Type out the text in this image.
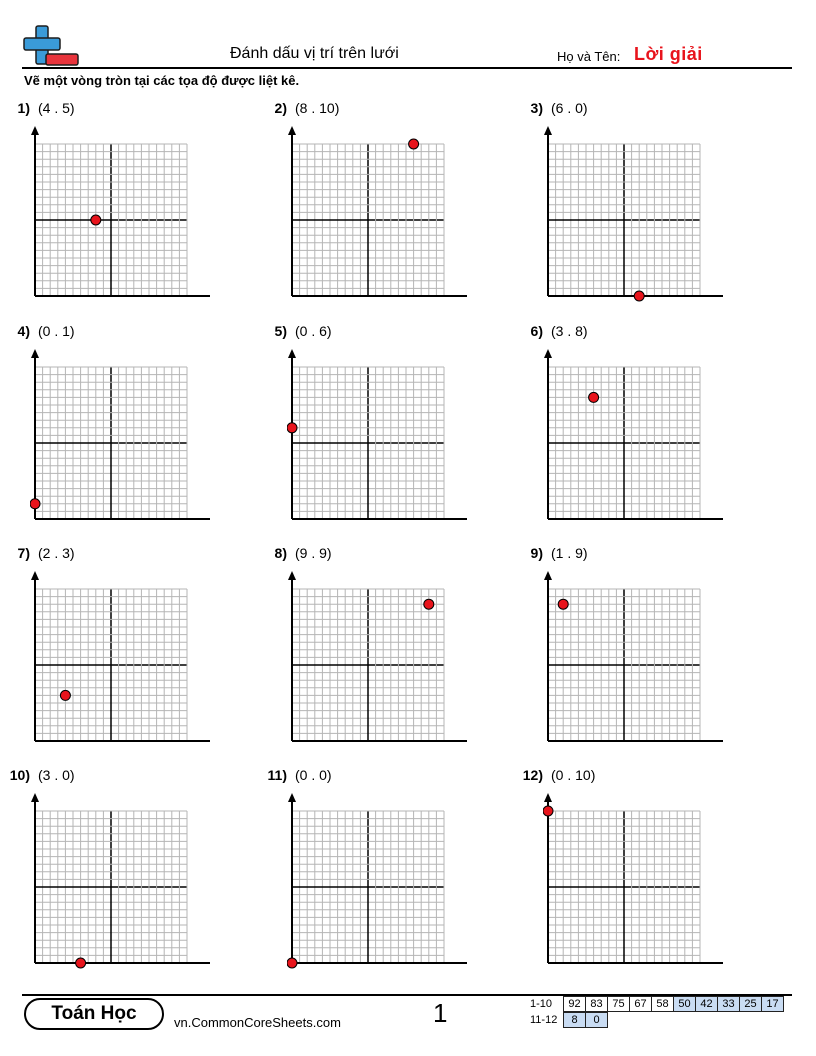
Đánh dấu vị trí trên lưới	Họ và Tên: Lời giải
Vẽ một vòng tròn tại các tọa độ được liệt kê.
1) (4 . 5)	2) (8 . 10)	3) (6 . 0)
4) (0 . 1)	5) (0 . 6)	6) (3 . 8)
7) (2 . 3)	8) (9 . 9)	9) (1 . 9)
10) (3 . 0)	11) (0 . 0)	12) (0 . 10)
Toán Học	vn.CommonCoreSheets.com	1	1-10	92 83 75 67 58 50 42 33 25 17
11-12	8	0
